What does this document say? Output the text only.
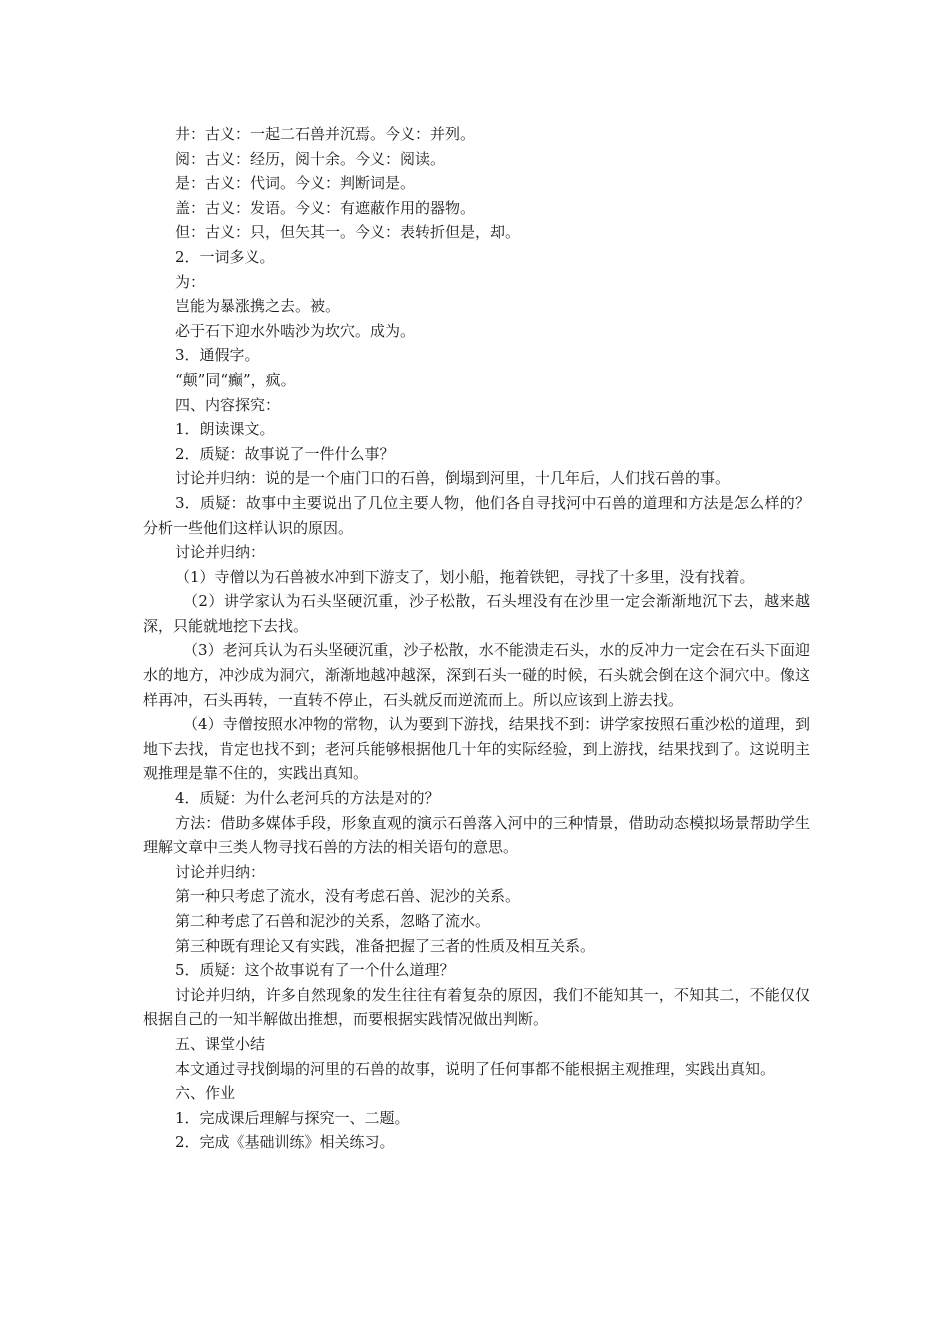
井：古义：一起二石兽并沉焉。今义：并列。

阅：古义：经历，阅十余。今义：阅读。

是：古义：代词。今义：判断词是。

盖：古义：发语。今义：有遮蔽作用的器物。

但：古义：只，但矢其一。今义：表转折但是，却。

2．一词多义。

为：

岂能为暴涨携之去。被。

必于石下迎水外啮沙为坎穴。成为。

3．通假字。

“颠”同“癫”，疯。

四、内容探究：

1．朗读课文。

2．质疑：故事说了一件什么事？

讨论并归纳：说的是一个庙门口的石兽，倒塌到河里，十几年后，人们找石兽的事。

3．质疑：故事中主要说出了几位主要人物，他们各自寻找河中石兽的道理和方法是怎么样的？分析一些他们这样认识的原因。

讨论并归纳：

（1）寺僧以为石兽被水冲到下游支了，划小船，拖着铁钯，寻找了十多里，没有找着。

（2）讲学家认为石头坚硬沉重，沙子松散，石头埋没有在沙里一定会渐渐地沉下去，越来越深，只能就地挖下去找。

（3）老河兵认为石头坚硬沉重，沙子松散，水不能溃走石头，水的反冲力一定会在石头下面迎水的地方，冲沙成为洞穴，渐渐地越冲越深，深到石头一碰的时候，石头就会倒在这个洞穴中。像这样再冲，石头再转，一直转不停止，石头就反而逆流而上。所以应该到上游去找。

（4）寺僧按照水冲物的常物，认为要到下游找，结果找不到：讲学家按照石重沙松的道理，到地下去找，肯定也找不到；老河兵能够根据他几十年的实际经验，到上游找，结果找到了。这说明主观推理是靠不住的，实践出真知。

4．质疑：为什么老河兵的方法是对的？

方法：借助多媒体手段，形象直观的演示石兽落入河中的三种情景，借助动态模拟场景帮助学生理解文章中三类人物寻找石兽的方法的相关语句的意思。

讨论并归纳：

第一种只考虑了流水，没有考虑石兽、泥沙的关系。

第二种考虑了石兽和泥沙的关系，忽略了流水。

第三种既有理论又有实践，准备把握了三者的性质及相互关系。

5．质疑：这个故事说有了一个什么道理？

讨论并归纳，许多自然现象的发生往往有着复杂的原因，我们不能知其一，不知其二，不能仅仅根据自己的一知半解做出推想，而要根据实践情况做出判断。

五、课堂小结

本文通过寻找倒塌的河里的石兽的故事，说明了任何事都不能根据主观推理，实践出真知。

六、作业

1．完成课后理解与探究一、二题。

2．完成《基础训练》相关练习。
